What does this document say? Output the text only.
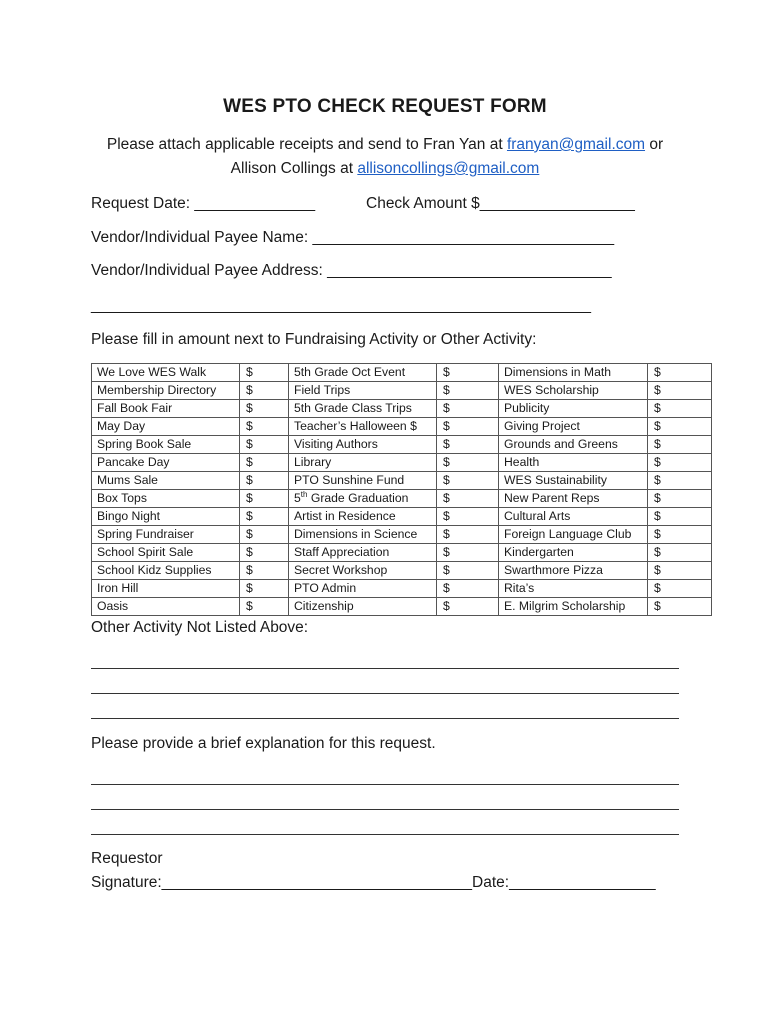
WES PTO CHECK REQUEST FORM
Please attach applicable receipts and send to Fran Yan at franyan@gmail.com or
Allison Collings at allisoncollings@gmail.com
Request Date: ______________	Check Amount $__________________
Vendor/Individual Payee Name: ___________________________________
Vendor/Individual Payee Address: _________________________________
__________________________________________________________
Please fill in amount next to Fundraising Activity or Other Activity:
We Love WES Walk	$	5th Grade Oct Event	$	Dimensions in Math	$
Membership Directory	$	Field Trips	$	WES Scholarship	$
Fall Book Fair	$	5th Grade Class Trips	$	Publicity	$
May Day	$	Teacher’s Halloween $	$	Giving Project	$
Spring Book Sale	$	Visiting Authors	$	Grounds and Greens	$
Pancake Day	$	Library	$	Health	$
Mums Sale	$	PTO Sunshine Fund	$	WES Sustainability	$
Box Tops	$	5th Grade Graduation	$	New Parent Reps	$
Bingo Night	$	Artist in Residence	$	Cultural Arts	$
Spring Fundraiser	$	Dimensions in Science	$	Foreign Language Club	$
School Spirit Sale	$	Staff Appreciation	$	Kindergarten	$
School Kidz Supplies	$	Secret Workshop	$	Swarthmore Pizza	$
Iron Hill	$	PTO Admin	$	Rita’s	$
Oasis	$	Citizenship	$	E. Milgrim Scholarship	$
Other Activity Not Listed Above:
Please provide a brief explanation for this request.
Requestor
Signature:____________________________________Date:_________________
